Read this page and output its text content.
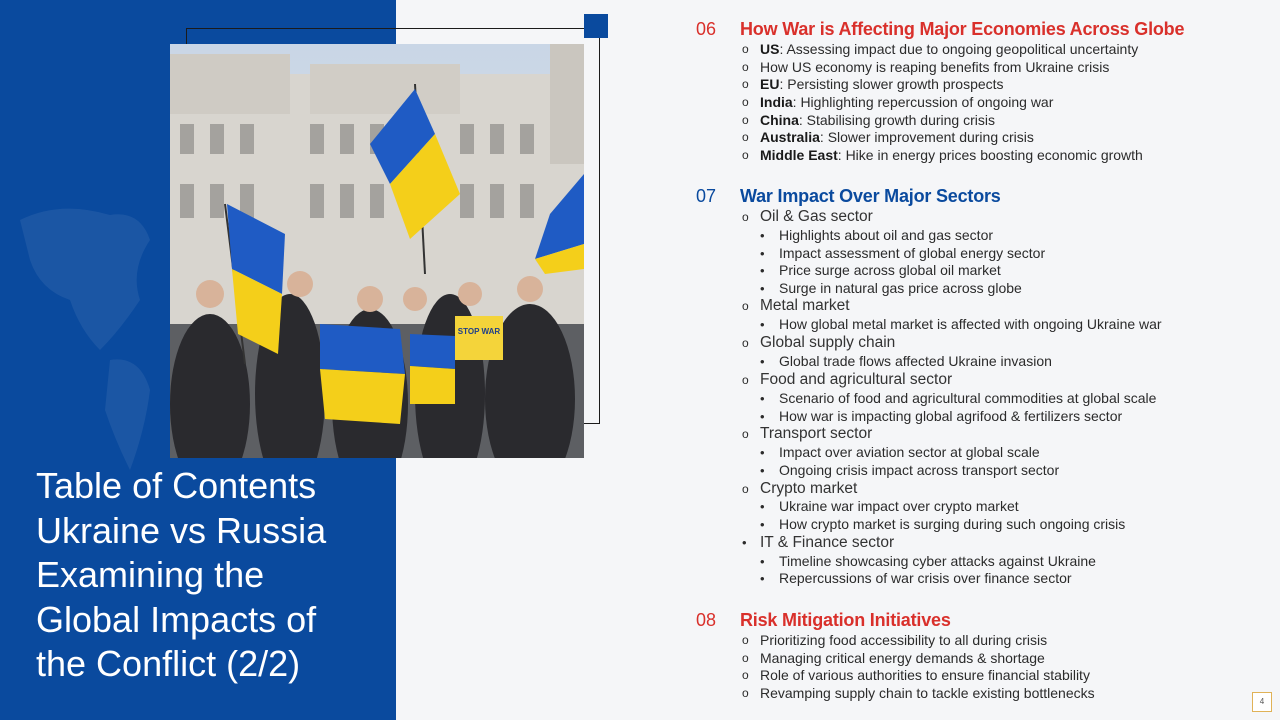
STOP WAR
Table of Contents
Ukraine vs Russia
Examining the
Global Impacts of
the Conflict (2/2)
06 How War is Affecting Major Economies Across Globe
o US: Assessing impact due to ongoing geopolitical uncertainty
o How US economy is reaping benefits from Ukraine crisis
o EU: Persisting slower growth prospects
o India: Highlighting repercussion of ongoing war
o China: Stabilising growth during crisis
o Australia: Slower improvement during crisis
o Middle East: Hike in energy prices boosting economic growth
07 War Impact Over Major Sectors
o Oil & Gas sector
• Highlights about oil and gas sector
• Impact assessment of global energy sector
• Price surge across global oil market
• Surge in natural gas price across globe
o Metal market
• How global metal market is affected with ongoing Ukraine war
o Global supply chain
• Global trade flows affected Ukraine invasion
o Food and agricultural sector
• Scenario of food and agricultural commodities at global scale
• How war is impacting global agrifood & fertilizers sector
o Transport sector
• Impact over aviation sector at global scale
• Ongoing crisis impact across transport sector
o Crypto market
• Ukraine war impact over crypto market
• How crypto market is surging during such ongoing crisis
• IT & Finance sector
• Timeline showcasing cyber attacks against Ukraine
• Repercussions of war crisis over finance sector
08 Risk Mitigation Initiatives
o Prioritizing food accessibility to all during crisis
o Managing critical energy demands & shortage
o Role of various authorities to ensure financial stability
o Revamping supply chain to tackle existing bottlenecks
4
